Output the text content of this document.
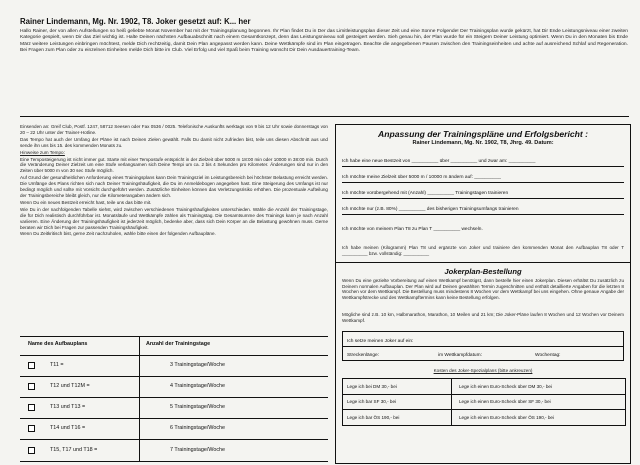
Rainer Lindemann, Mg. Nr. 1902, T8. Joker gesetzt auf: K... her
Hallo Rainer, der von allen Aufstellungen so heiß geliebte Monat November hat mit der Trainingsplanung begonnen. Ihr Plan findet Du in Der das Limitleistungsplan dieser Zeit und eine Sonne Folgende! Der Trainingsplan wurde gekürzt, hat Dir Ende Leistungsniveau einer zweiten Kategorie gespielt, wenn Dir das Ziel wichtig ist. Halte Deinen nächsten Aufbauabschnitt nach einem Gesamtkonzept, denn das Leistungsniveau soll gesteigert werden. Sieh genau hin, der Plan wurde für ein Steigern Deiner Leistung optimiert. Wenn Du in den Monaten bis Ende März weitere Leistungen einbringen möchtest, melde Dich rechtzeitig, damit Dein Plan angepasst werden kann. Deine Wettkämpfe sind im Plan eingetragen. Beachte die angegebenen Pausen zwischen den Trainingseinheiten und achte auf ausreichend Schlaf und Regeneration. Bei Fragen zum Plan oder zu einzelnen Einheiten melde Dich bitte im Club. Viel Erfolg und viel Spaß beim Training wünscht Dir Dein Ausdauertraining-Team.

Einsenden an: Greif Club, Postf. 1247, 58712 Seesen oder Fax 0536 / 0025. Telefonische Auskunfts werktags von 9 bis 12 Uhr sowie donnerstags von 20 – 22 Uhr unter der Trainer-Hotline.

Das Tempo hat auch der Umfang der Pläne ist nach Deinen Zielen gewählt. Falls Du damit nicht zufrieden bist, teile uns diesen Abschnitt aus und sende ihn uns bis 15. des kommenden Monats zu.

Hinweise zum Tempo:

Eine Temposteigerung ist nicht immer gut. Starte mit einer Tempostufe entspricht in der Zielzeit über 5000 m 18:00 min oder 10000 m 38:00 min. Durch die Veränderung Deiner Zielzeit um eine Stufe verlangsamen sich Deine Tempi um ca. 2 bis 4 Sekunden pro Kilometer. Änderungen sind nur in den Zeiten über 5000 m von 30 sec Stufe möglich.

Auf Grund der gesundheitlichen Anforderung eines Trainingsplans kann Dein Trainingsziel im Leistungsbereich bei höchster Belastung erreicht werden. Die Umfänge des Plans richten sich nach Deiner Trainingshäufigkeit, die Du im Anmeldebogen angegeben hast. Eine Steigerung des Umfangs ist nur bedingt möglich und sollte mit Vorsicht durchgeführt werden. Zusätzliche Einheiten können das Verletzungsrisiko erhöhen. Die prozentuale Aufteilung der Trainingsbereiche bleibt gleich, nur die Kilometerangaben ändern sich.

Wenn Du ein neues Bestzeit erreicht hast, teile uns das bitte mit.

Wie Du in der nachfolgenden Tabelle siehst, wird zwischen verschiedenen Trainingshäufigkeiten unterschieden. Wähle die Anzahl der Trainingstage, die für Dich realistisch durchführbar ist. Monatsläufe und Wettkämpfe zählen als Trainingstag. Die Gesamtsumme des Trainings kann je nach Anzahl variieren. Eine Änderung der Trainingshäufigkeit ist jederzeit möglich, bedenke aber, dass sich Dein Körper an die Belastung gewöhnen muss. Gerne beraten wir Dich bei Fragen zur passenden Trainingshäufigkeit.

Wenn Du Zeitkritisch bist, gerne Zeit nachzuholen, wähle bitte einen der folgenden Aufbaupläne.

Name des Aufbauplans	Anzahl der Trainingstage
T11 =	3 Trainingstage/Woche
T12 und T12M =	4 Trainingstage/Woche
T13 und T13 =	5 Trainingstage/Woche
T14 und T16 =	6 Trainingstage/Woche
T15, T17 und T18 =	7 Trainingstage/Woche
Anpassung der Trainingspläne und Erfolgsbericht :
Rainer Lindemann, Mg. Nr. 1902, T8, Jhrg. 49. Datum:
Ich habe eine neue Bestzeit von __________ über __________ und zwar am: __________
Ich möchte meine Zielzeit über 5000 m / 10000 m ändern auf: __________
Ich möchte vorübergehend mit (Anzahl) __________ Trainingstagen trainieren
Ich möchte nur (z.B. 80%) __________ des bisherigen Trainingsumfangs trainieren
Ich möchte von meinem Plan T8 zu Plan T __________ wechseln.
Ich habe meinen (Kilogramm) Plan T8 und ergänzte von Joker und trainiere den kommenden Monat den Aufbauplan T8 oder T __________ bzw. vollständig: __________
Jokerplan-Bestellung
Wenn Du eine gezielte Vorbereitung auf einen Wettkampf benötigst, dann bestelle hier einen Jokerplan. Diesen erhältst Du zusätzlich zu Deinem normalen Aufbauplan. Der Plan wird auf Deinen gewählten Termin zugeschnitten und enthält detaillierte Angaben für die letzten 8 Wochen vor dem Wettkampf. Die Bestellung muss mindestens 8 Wochen vor dem Wettkampf bei uns eingehen. Ohne genaue Angabe der Wettkampfstrecke und des Wettkampftermins kann keine Bestellung erfolgen.
Mögliche sind z.B. 10 km, Halbmarathon, Marathon, 10 Meilen und 21 km; Die Joker-Pläne laufen 8 Wochen und 12 Wochen vor Deinem Wettkampf.
Ich setze meinen Joker auf ein:
Streckenlänge:	im Wettkampfdatum:	Wochentag:
Kosten des Joker-Spezialplans (bitte ankreuzen)
Lege ich bei DM 30,- bei	Lege ich einen Euro-Scheck über DM 30,- bei
Lege ich bar SF 30,- bei	Lege ich einen Euro-Scheck über SF 30,- bei
Lege ich bar ÖS 190,- bei	Lege ich einen Euro-Scheck über ÖS 190,- bei
